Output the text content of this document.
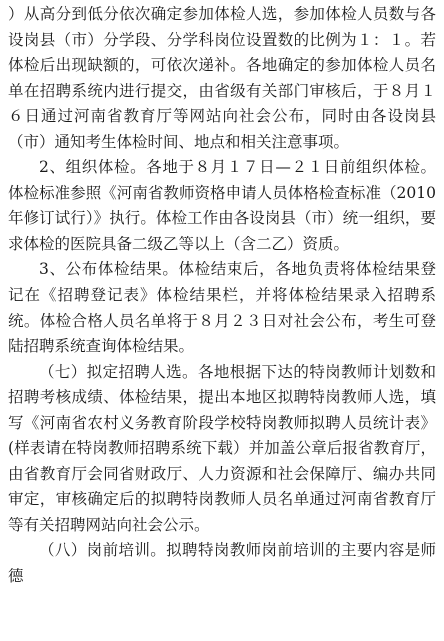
）从高分到低分依次确定参加体检人选，参加体检人员数与各设岗县（市）分学段、分学科岗位设置数的比例为１：１。若体检后出现缺额的，可依次递补。各地确定的参加体检人员名单在招聘系统内进行提交，由省级有关部门审核后，于８月１６日通过河南省教育厅等网站向社会公布，同时由各设岗县（市）通知考生体检时间、地点和相关注意事项。

2、组织体检。各地于８月１７日—２１日前组织体检。体检标准参照《河南省教师资格申请人员体格检查标准（2010年修订试行）》执行。体检工作由各设岗县（市）统一组织，要求体检的医院具备二级乙等以上（含二乙）资质。

3、公布体检结果。体检结束后，各地负责将体检结果登记在《招聘登记表》体检结果栏，并将体检结果录入招聘系统。体检合格人员名单将于８月２３日对社会公布，考生可登陆招聘系统查询体检结果。

（七）拟定招聘人选。各地根据下达的特岗教师计划数和招聘考核成绩、体检结果，提出本地区拟聘特岗教师人选，填写《河南省农村义务教育阶段学校特岗教师拟聘人员统计表》(样表请在特岗教师招聘系统下载）并加盖公章后报省教育厅，由省教育厅会同省财政厅、人力资源和社会保障厅、编办共同审定，审核确定后的拟聘特岗教师人员名单通过河南省教育厅等有关招聘网站向社会公示。

（八）岗前培训。拟聘特岗教师岗前培训的主要内容是师德
